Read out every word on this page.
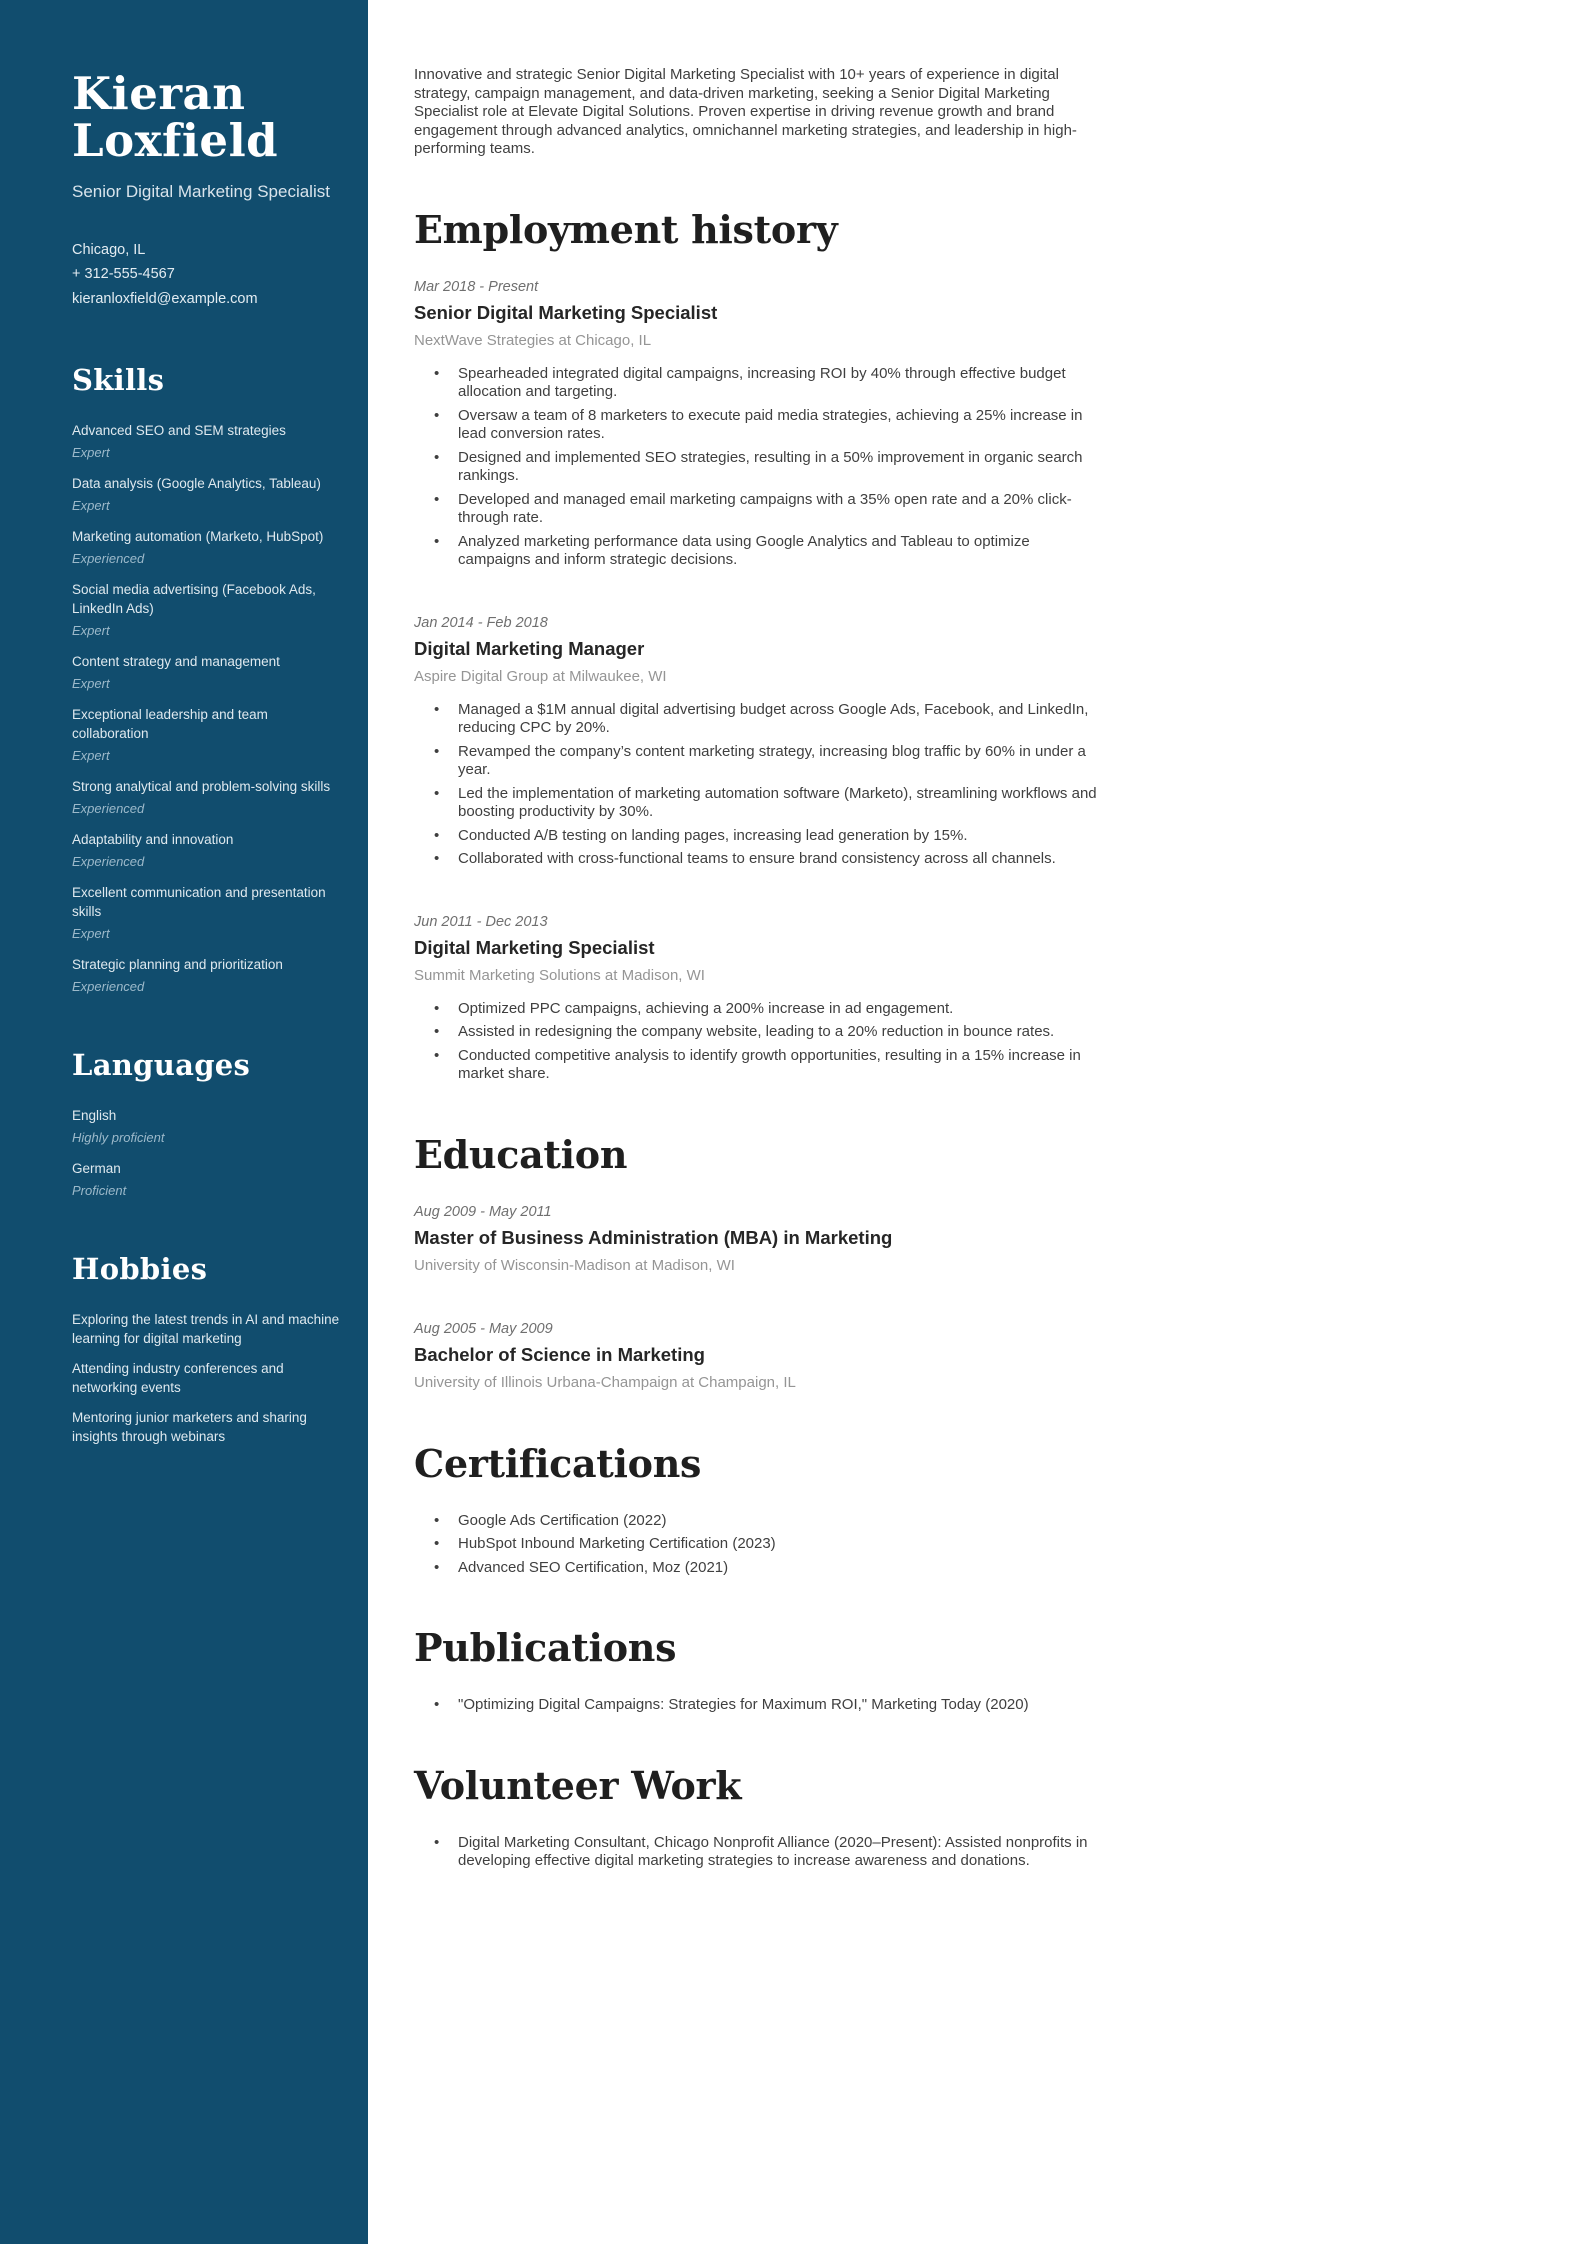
Kieran
Loxfield
Senior Digital Marketing Specialist
Chicago, IL
+ 312-555-4567
kieranloxfield@example.com
Skills
Advanced SEO and SEM strategies
Expert
Data analysis (Google Analytics, Tableau)
Expert
Marketing automation (Marketo, HubSpot)
Experienced
Social media advertising (Facebook Ads, LinkedIn Ads)
Expert
Content strategy and management
Expert
Exceptional leadership and team collaboration
Expert
Strong analytical and problem-solving skills
Experienced
Adaptability and innovation
Experienced
Excellent communication and presentation skills
Expert
Strategic planning and prioritization
Experienced
Languages
English
Highly proficient
German
Proficient
Hobbies
Exploring the latest trends in AI and machine learning for digital marketing
Attending industry conferences and networking events
Mentoring junior marketers and sharing insights through webinars

Innovative and strategic Senior Digital Marketing Specialist with 10+ years of experience in digital strategy, campaign management, and data-driven marketing, seeking a Senior Digital Marketing Specialist role at Elevate Digital Solutions. Proven expertise in driving revenue growth and brand engagement through advanced analytics, omnichannel marketing strategies, and leadership in high-performing teams.

Employment history
Mar 2018 - Present
Senior Digital Marketing Specialist
NextWave Strategies at Chicago, IL
• Spearheaded integrated digital campaigns, increasing ROI by 40% through effective budget allocation and targeting.
• Oversaw a team of 8 marketers to execute paid media strategies, achieving a 25% increase in lead conversion rates.
• Designed and implemented SEO strategies, resulting in a 50% improvement in organic search rankings.
• Developed and managed email marketing campaigns with a 35% open rate and a 20% click-through rate.
• Analyzed marketing performance data using Google Analytics and Tableau to optimize campaigns and inform strategic decisions.
Jan 2014 - Feb 2018
Digital Marketing Manager
Aspire Digital Group at Milwaukee, WI
• Managed a $1M annual digital advertising budget across Google Ads, Facebook, and LinkedIn, reducing CPC by 20%.
• Revamped the company’s content marketing strategy, increasing blog traffic by 60% in under a year.
• Led the implementation of marketing automation software (Marketo), streamlining workflows and boosting productivity by 30%.
• Conducted A/B testing on landing pages, increasing lead generation by 15%.
• Collaborated with cross-functional teams to ensure brand consistency across all channels.
Jun 2011 - Dec 2013
Digital Marketing Specialist
Summit Marketing Solutions at Madison, WI
• Optimized PPC campaigns, achieving a 200% increase in ad engagement.
• Assisted in redesigning the company website, leading to a 20% reduction in bounce rates.
• Conducted competitive analysis to identify growth opportunities, resulting in a 15% increase in market share.
Education
Aug 2009 - May 2011
Master of Business Administration (MBA) in Marketing
University of Wisconsin-Madison at Madison, WI
Aug 2005 - May 2009
Bachelor of Science in Marketing
University of Illinois Urbana-Champaign at Champaign, IL
Certifications
• Google Ads Certification (2022)
• HubSpot Inbound Marketing Certification (2023)
• Advanced SEO Certification, Moz (2021)
Publications
• "Optimizing Digital Campaigns: Strategies for Maximum ROI," Marketing Today (2020)
Volunteer Work
• Digital Marketing Consultant, Chicago Nonprofit Alliance (2020–Present): Assisted nonprofits in developing effective digital marketing strategies to increase awareness and donations.
